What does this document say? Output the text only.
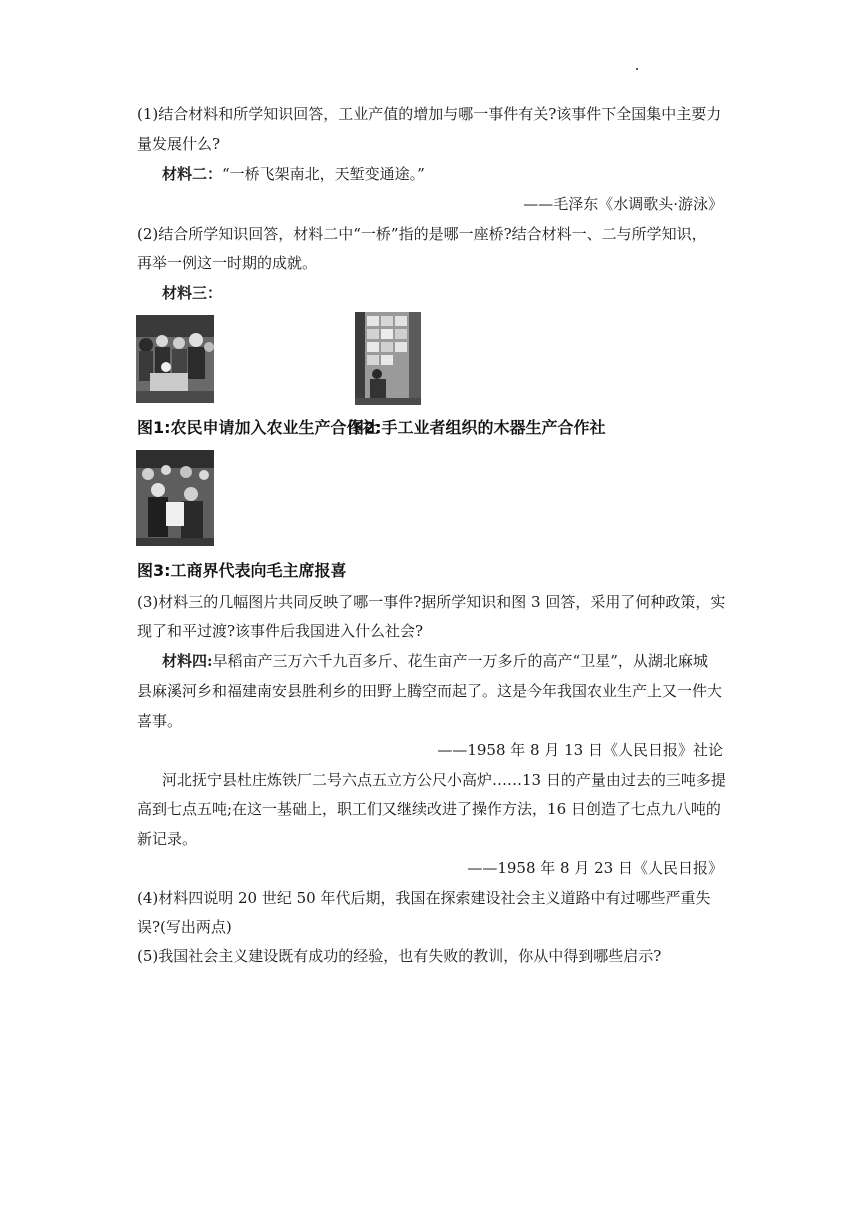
(1)结合材料和所学知识回答，工业产值的增加与哪一事件有关?该事件下全国集中主要力
量发展什么?
材料二：“一桥飞架南北，天堑变通途。”
——毛泽东《水调歌头·游泳》
(2)结合所学知识回答，材料二中“一桥”指的是哪一座桥?结合材料一、二与所学知识，
再举一例这一时期的成就。
材料三：
图1:农民申请加入农业生产合作社
图2:手工业者组织的木器生产合作社
图3:工商界代表向毛主席报喜
(3)材料三的几幅图片共同反映了哪一事件?据所学知识和图 3 回答，采用了何种政策，实
现了和平过渡?该事件后我国进入什么社会?
材料四:早稻亩产三万六千九百多斤、花生亩产一万多斤的高产“卫星”，从湖北麻城
县麻溪河乡和福建南安县胜利乡的田野上腾空而起了。这是今年我国农业生产上又一件大
喜事。
——1958 年 8 月 13 日《人民日报》社论
河北抚宁县杜庄炼铁厂二号六点五立方公尺小高炉……13 日的产量由过去的三吨多提
高到七点五吨;在这一基础上，职工们又继续改进了操作方法，16 日创造了七点九八吨的
新记录。
——1958 年 8 月 23 日《人民日报》
(4)材料四说明 20 世纪 50 年代后期，我国在探索建设社会主义道路中有过哪些严重失
误?(写出两点)
(5)我国社会主义建设既有成功的经验，也有失败的教训，你从中得到哪些启示?
